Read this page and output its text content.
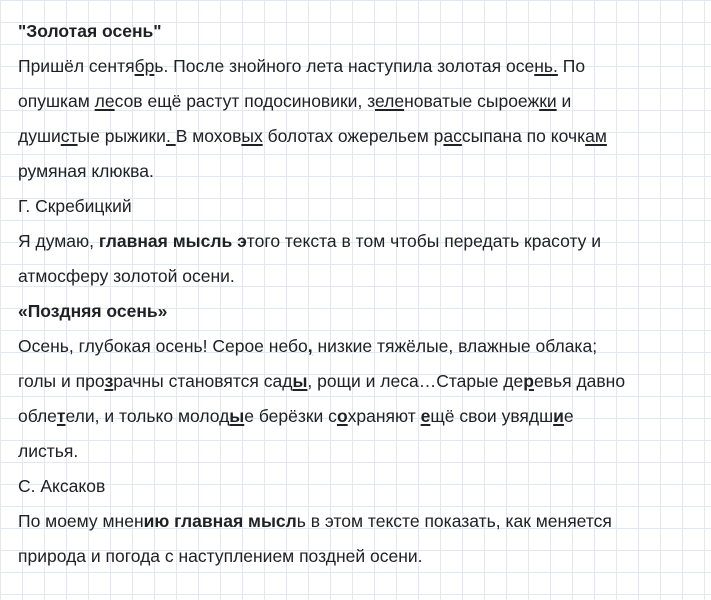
"Золотая осень"
Пришёл сентябрь. После знойного лета наступила золотая осень. По
опушкам лесов ещё растут подосиновики, зеленоватые сыроежки и
душистые рыжики. В моховых болотах ожерельем рассыпана по кочкам
румяная клюква.
Г. Скребицкий
Я думаю, главная мысль этого текста в том чтобы передать красоту и
атмосферу золотой осени.
«Поздняя осень»
Осень, глубокая осень! Серое небо, низкие тяжёлые, влажные облака;
голы и прозрачны становятся сады, рощи и леса…Старые деревья давно
облетели, и только молодые берёзки сохраняют ещё свои увядшие
листья.
С. Аксаков
По моему мнению главная мысль в этом тексте показать, как меняется
природа и погода с наступлением поздней осени.
